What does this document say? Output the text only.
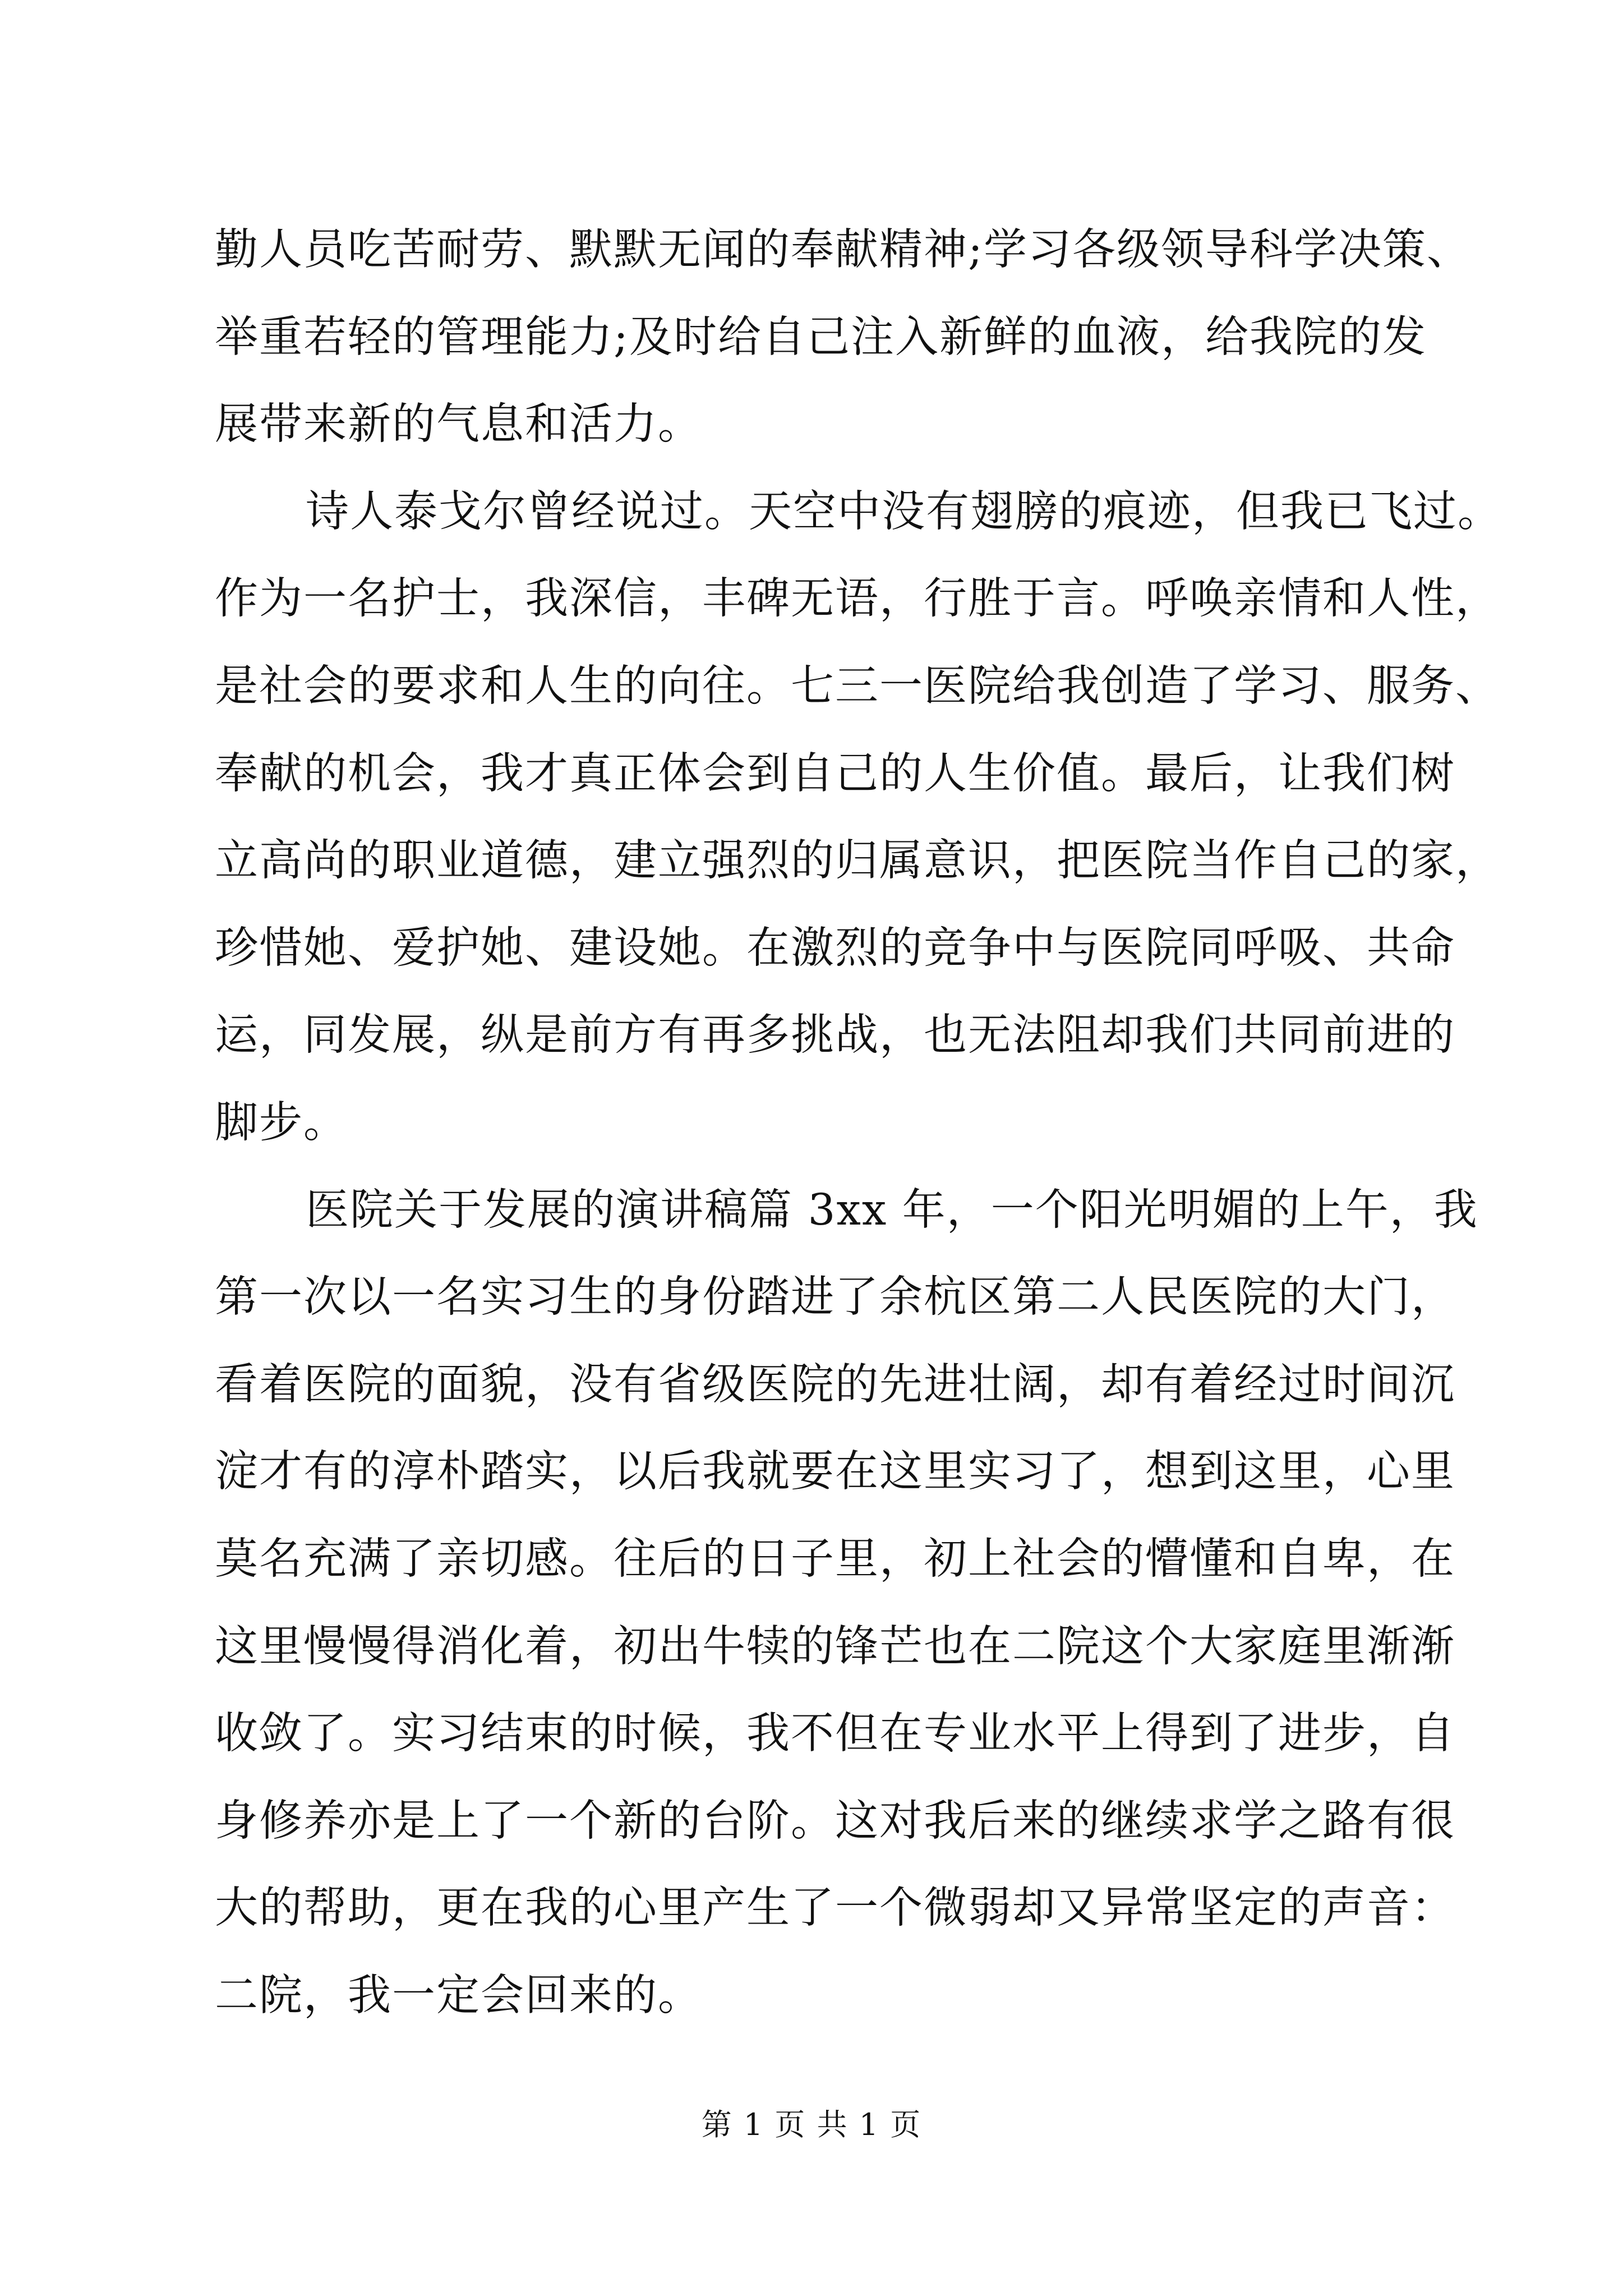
勤人员吃苦耐劳、默默无闻的奉献精神;学习各级领导科学决策、
举重若轻的管理能力;及时给自己注入新鲜的血液，给我院的发
展带来新的气息和活力。
诗人泰戈尔曾经说过。天空中没有翅膀的痕迹，但我已飞过。
作为一名护士，我深信，丰碑无语，行胜于言。呼唤亲情和人性，
是社会的要求和人生的向往。七三一医院给我创造了学习、服务、
奉献的机会，我才真正体会到自己的人生价值。最后，让我们树
立高尚的职业道德，建立强烈的归属意识，把医院当作自己的家，
珍惜她、爱护她、建设她。在激烈的竞争中与医院同呼吸、共命
运，同发展，纵是前方有再多挑战，也无法阻却我们共同前进的
脚步。
医院关于发展的演讲稿篇 3xx 年，一个阳光明媚的上午，我
第一次以一名实习生的身份踏进了余杭区第二人民医院的大门，
看着医院的面貌，没有省级医院的先进壮阔，却有着经过时间沉
淀才有的淳朴踏实，以后我就要在这里实习了，想到这里，心里
莫名充满了亲切感。往后的日子里，初上社会的懵懂和自卑，在
这里慢慢得消化着，初出牛犊的锋芒也在二院这个大家庭里渐渐
收敛了。实习结束的时候，我不但在专业水平上得到了进步，自
身修养亦是上了一个新的台阶。这对我后来的继续求学之路有很
大的帮助，更在我的心里产生了一个微弱却又异常坚定的声音：
二院，我一定会回来的。
第 1 页 共 1 页
